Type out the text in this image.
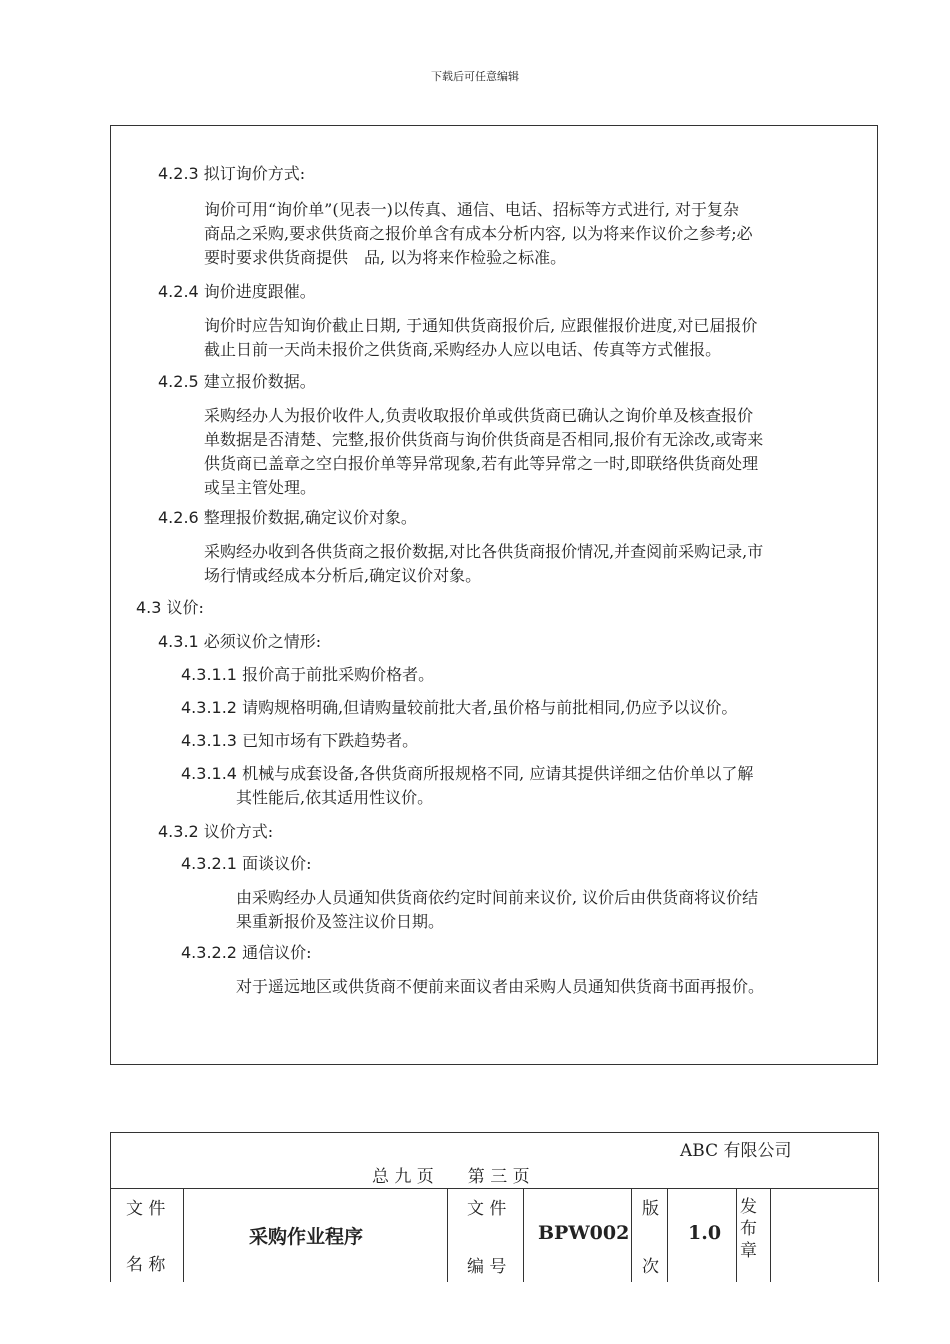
下载后可任意编辑
4.2.3 拟订询价方式:
询价可用“询价单”(见表一)以传真、通信、电话、招标等方式进行, 对于复杂
商品之采购,要求供货商之报价单含有成本分析内容, 以为将来作议价之参考;必
要时要求供货商提供　品, 以为将来作检验之标准。
4.2.4 询价进度跟催。
询价时应告知询价截止日期, 于通知供货商报价后, 应跟催报价进度,对已届报价
截止日前一天尚未报价之供货商,采购经办人应以电话、传真等方式催报。
4.2.5 建立报价数据。
采购经办人为报价收件人,负责收取报价单或供货商已确认之询价单及核查报价
单数据是否清楚、完整,报价供货商与询价供货商是否相同,报价有无涂改,或寄来
供货商已盖章之空白报价单等异常现象,若有此等异常之一时,即联络供货商处理
或呈主管处理。
4.2.6 整理报价数据,确定议价对象。
采购经办收到各供货商之报价数据,对比各供货商报价情况,并查阅前采购记录,市
场行情或经成本分析后,确定议价对象。
4.3 议价:
4.3.1 必须议价之情形:
4.3.1.1 报价高于前批采购价格者。
4.3.1.2 请购规格明确,但请购量较前批大者,虽价格与前批相同,仍应予以议价。
4.3.1.3 已知市场有下跌趋势者。
4.3.1.4 机械与成套设备,各供货商所报规格不同, 应请其提供详细之估价单以了解
其性能后,依其适用性议价。
4.3.2 议价方式:
4.3.2.1 面谈议价:
由采购经办人员通知供货商依约定时间前来议价, 议价后由供货商将议价结
果重新报价及签注议价日期。
4.3.2.2 通信议价:
对于遥远地区或供货商不便前来面议者由采购人员通知供货商书面再报价。
ABC 有限公司
总 九 页　　第 三 页
文 件
名 称
采购作业程序
文 件
编 号
BPW002
版
次
1.0
发
布
章
